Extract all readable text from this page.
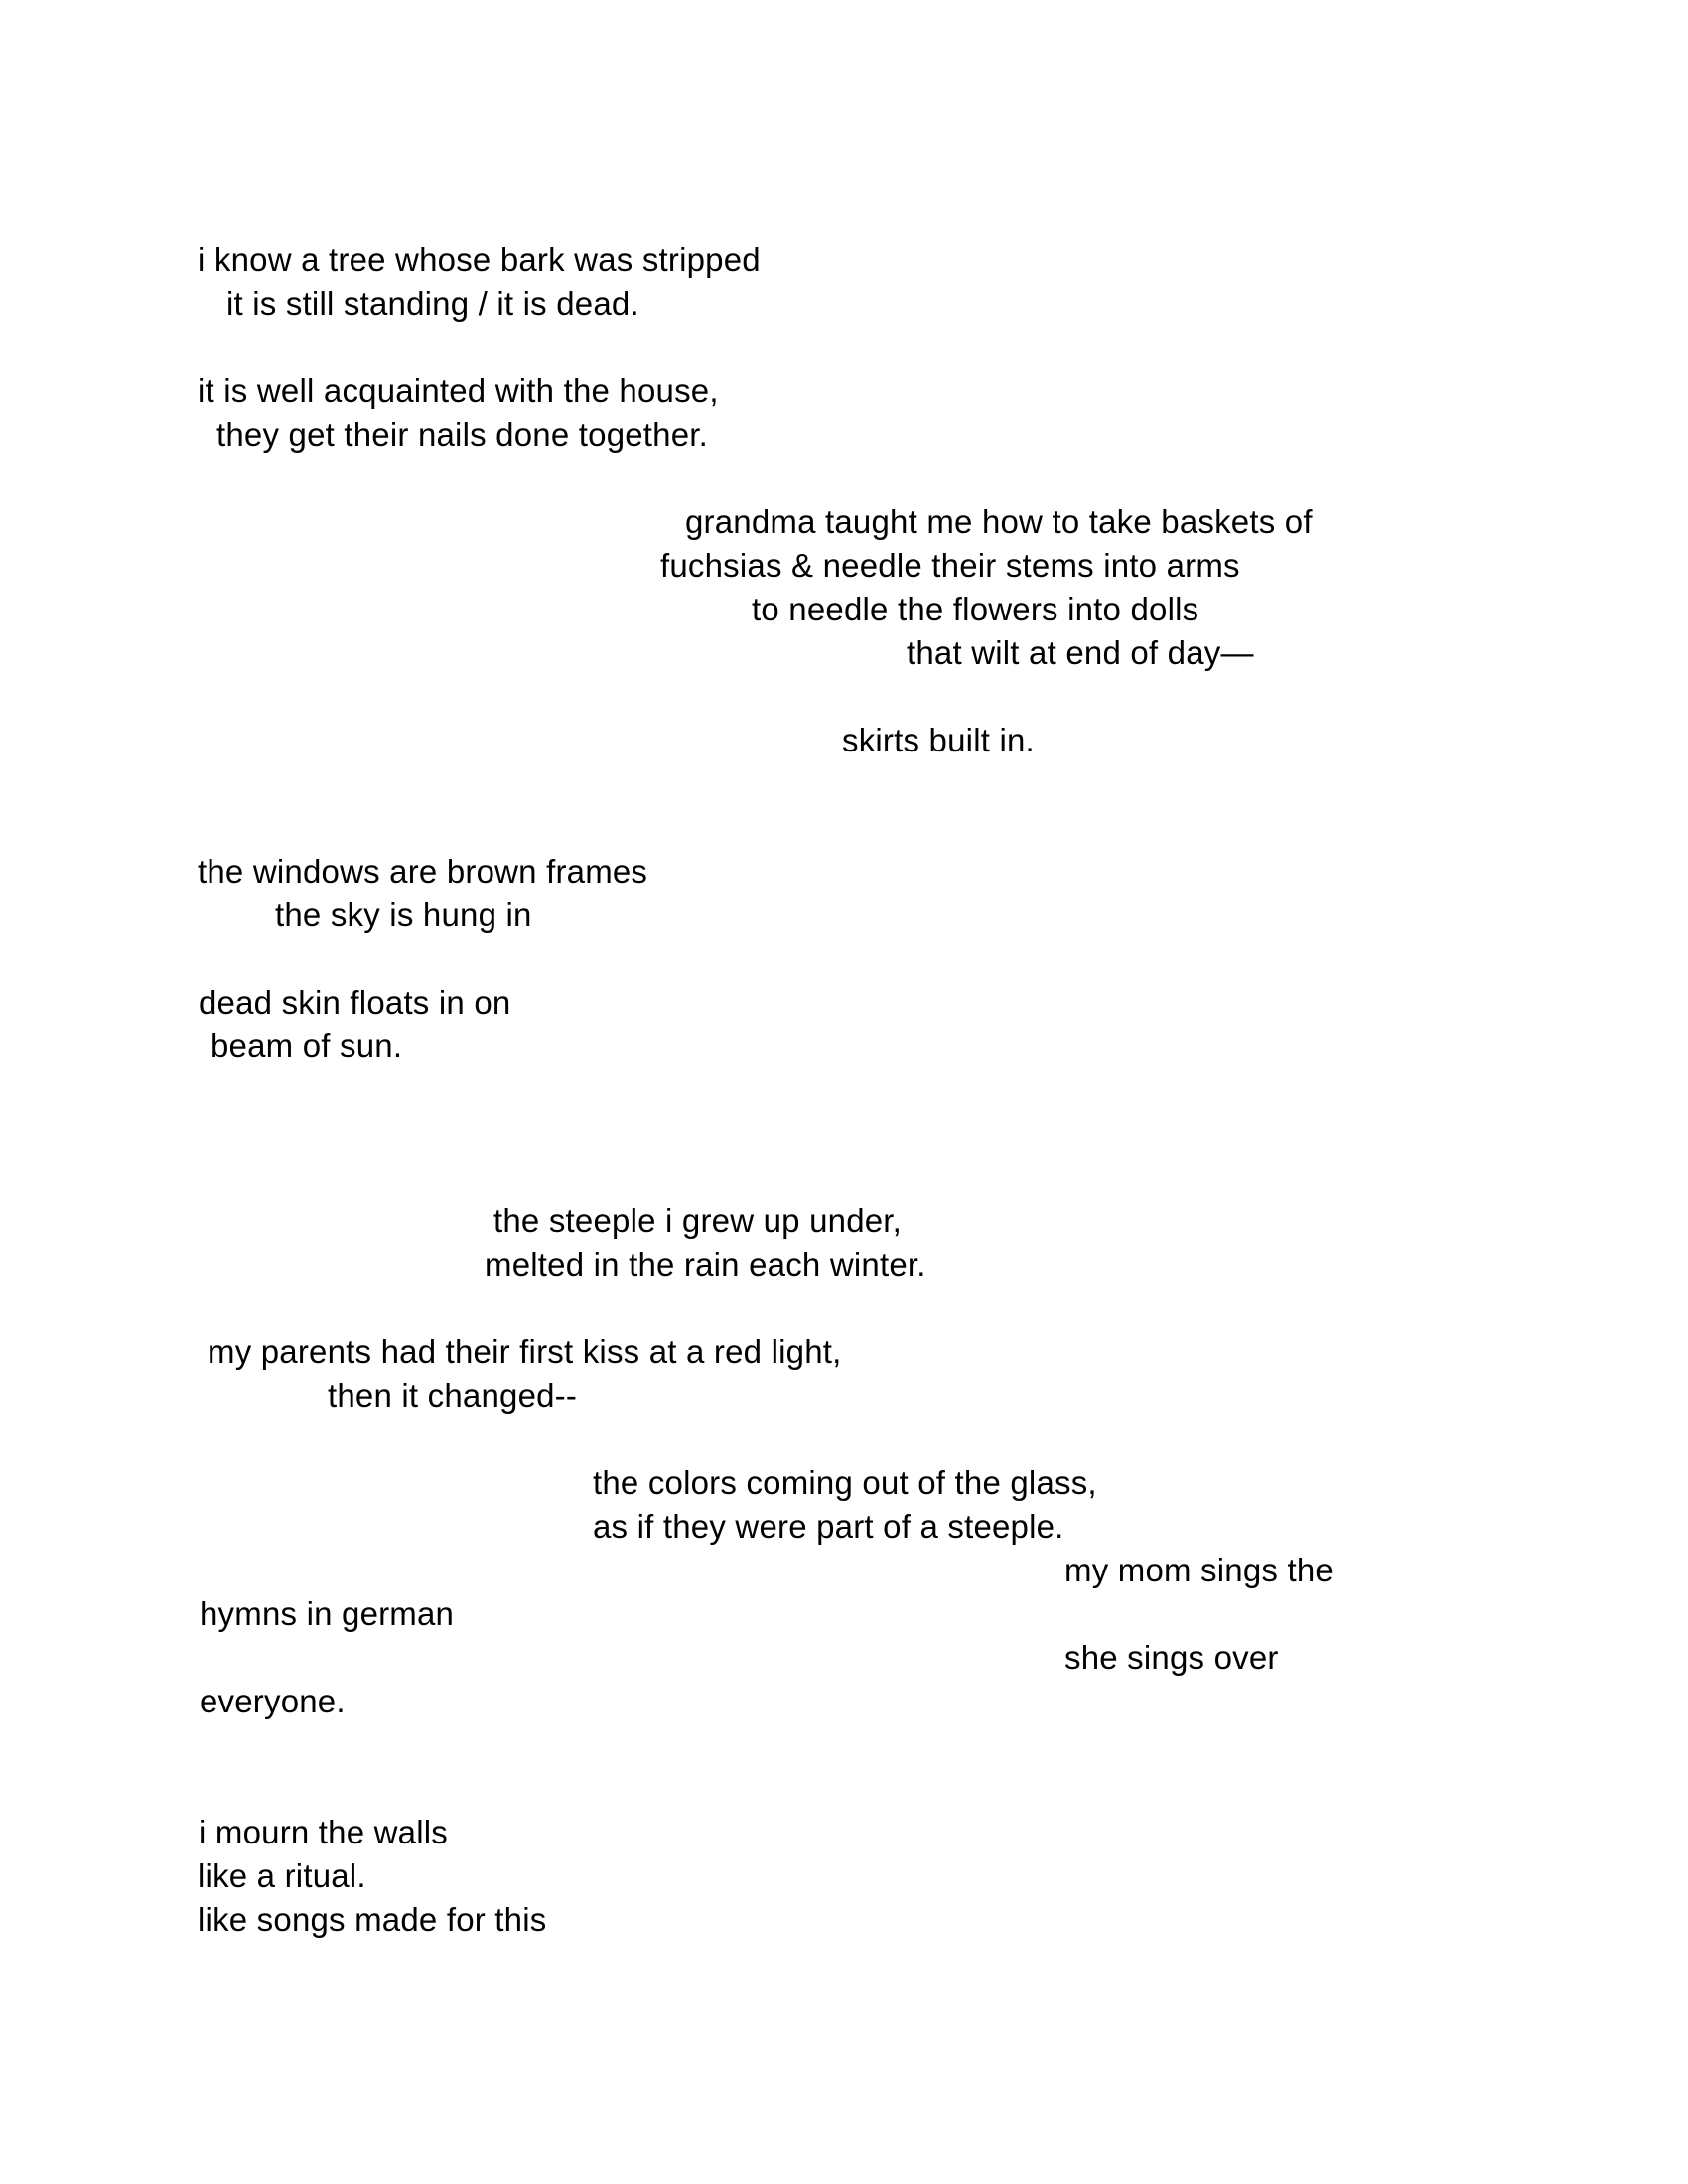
i know a tree whose bark was stripped
it is still standing / it is dead.
it is well acquainted with the house,
they get their nails done together.
grandma taught me how to take baskets of
fuchsias & needle their stems into arms
to needle the flowers into dolls
that wilt at end of day—
skirts built in.
the windows are brown frames
the sky is hung in
dead skin floats in on
beam of sun.
the steeple i grew up under,
melted in the rain each winter.
my parents had their first kiss at a red light,
then it changed--
the colors coming out of the glass,
as if they were part of a steeple.
my mom sings the
hymns in german
she sings over
everyone.
i mourn the walls
like a ritual.
like songs made for this
